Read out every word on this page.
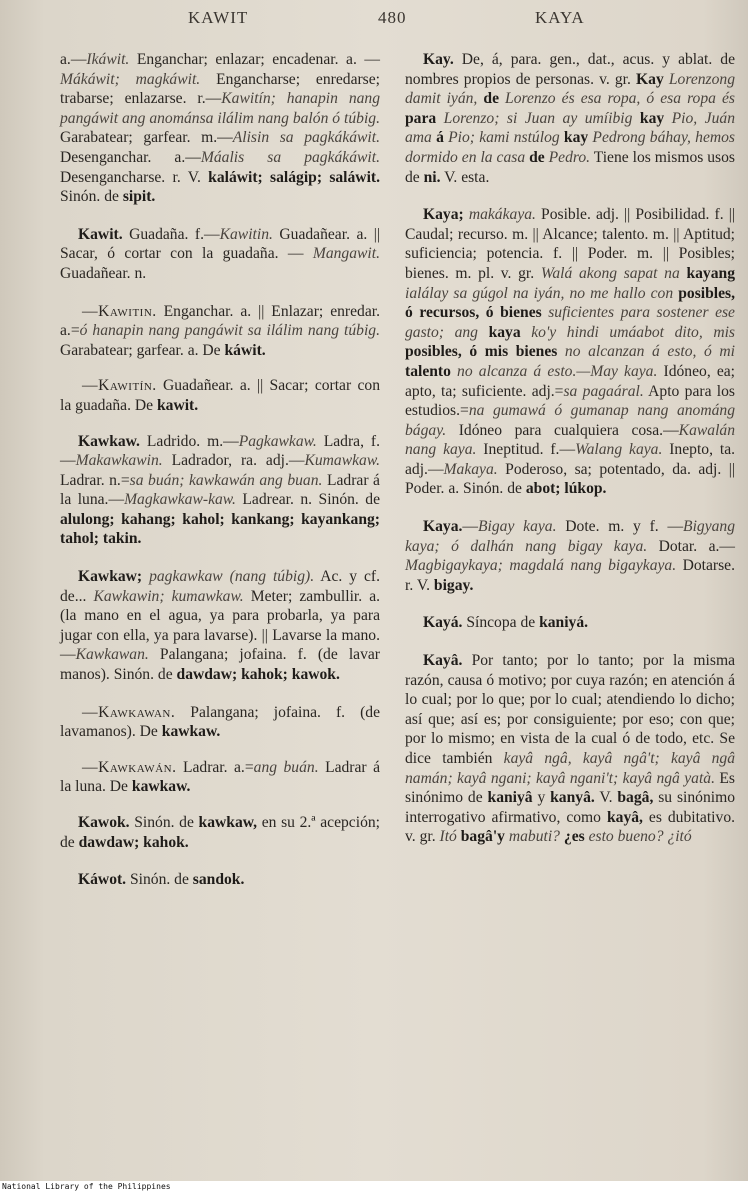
KAWIT	480	KAYA

a.—Ikáwit. Enganchar; enlazar; encadenar. a. — Mákáwit; magkáwit. Engancharse; enredarse; trabarse; enlazarse. r.—Kawitín; hanapin nang pangáwit ang anománsa ilálim nang balón ó túbig. Garabatear; garfear. m.—Alisin sa pagkákáwit. Desenganchar. a.—Máalis sa pagkákáwit. Desengancharse. r. V. kaláwit; salágip; saláwit. Sinón. de sipit.

Kawit. Guadaña. f.—Kawitin. Guadañear. a. || Sacar, ó cortar con la guadaña. — Mangawit. Guadañear. n.

—Kawitin. Enganchar. a. || Enlazar; enredar. a.=ó hanapin nang pangáwit sa ilálim nang túbig. Garabatear; garfear. a. De káwit.

—Kawitín. Guadañear. a. || Sacar; cortar con la guadaña. De kawit.

Kawkaw. Ladrido. m.—Pagkawkaw. Ladra, f.—Makawkawin. Ladrador, ra. adj.—Kumawkaw. Ladrar. n.=sa buán; kawkawán ang buan. Ladrar á la luna.—Magkawkaw-kaw. Ladrear. n. Sinón. de alulong; kahang; kahol; kankang; kayankang; tahol; takin.

Kawkaw; pagkawkaw (nang túbig). Ac. y cf. de... Kawkawin; kumawkaw. Meter; zambullir. a. (la mano en el agua, ya para probarla, ya para jugar con ella, ya para lavarse). || Lavarse la mano.—Kawkawan. Palangana; jofaina. f. (de lavar manos). Sinón. de dawdaw; kahok; kawok.

—Kawkawan. Palangana; jofaina. f. (de lavamanos). De kawkaw.

—Kawkawán. Ladrar. a.=ang buán. Ladrar á la luna. De kawkaw.

Kawok. Sinón. de kawkaw, en su 2.ª acepción; de dawdaw; kahok.

Káwot. Sinón. de sandok.

Kay. De, á, para. gen., dat., acus. y ablat. de nombres propios de personas. v. gr. Kay Lorenzong damit iyán, de Lorenzo és esa ropa, ó esa ropa és para Lorenzo; si Juan ay umíibig kay Pio, Juán ama á Pio; kami nstúlog kay Pedrong báhay, hemos dormido en la casa de Pedro. Tiene los mismos usos de ni. V. esta.

Kaya; makákaya. Posible. adj. || Posibilidad. f. || Caudal; recurso. m. || Alcance; talento. m. || Aptitud; suficiencia; potencia. f. || Poder. m. || Posibles; bienes. m. pl. v. gr. Walá akong sapat na kayang ialálay sa gúgol na iyán, no me hallo con posibles, ó recursos, ó bienes suficientes para sostener ese gasto; ang kaya ko'y hindi umáabot dito, mis posibles, ó mis bienes no alcanzan á esto, ó mi talento no alcanza á esto.—May kaya. Idóneo, ea; apto, ta; suficiente. adj.=sa pagaáral. Apto para los estudios.=na gumawá ó gumanap nang anománg bágay. Idóneo para cualquiera cosa.—Kawalán nang kaya. Ineptitud. f.—Walang kaya. Inepto, ta. adj.—Makaya. Poderoso, sa; potentado, da. adj. || Poder. a. Sinón. de abot; lúkop.

Kaya.—Bigay kaya. Dote. m. y f. —Bigyang kaya; ó dalhán nang bigay kaya. Dotar. a.—Magbigaykaya; magdalá nang bigaykaya. Dotarse. r. V. bigay.

Kayá. Síncopa de kaniyá.

Kayâ. Por tanto; por lo tanto; por la misma razón, causa ó motivo; por cuya razón; en atención á lo cual; por lo que; por lo cual; atendiendo lo dicho; así que; así es; por consiguiente; por eso; con que; por lo mismo; en vista de la cual ó de todo, etc. Se dice también kayâ ngâ, kayâ ngâ't; kayâ ngâ namán; kayâ ngani; kayâ ngani't; kayâ ngâ yatà. Es sinónimo de kaniyâ y kanyâ. V. bagâ, su sinónimo interrogativo afirmativo, como kayâ, es dubitativo. v. gr. Itó bagâ'y mabuti? ¿es esto bueno? ¿itó

National Library of the Philippines
